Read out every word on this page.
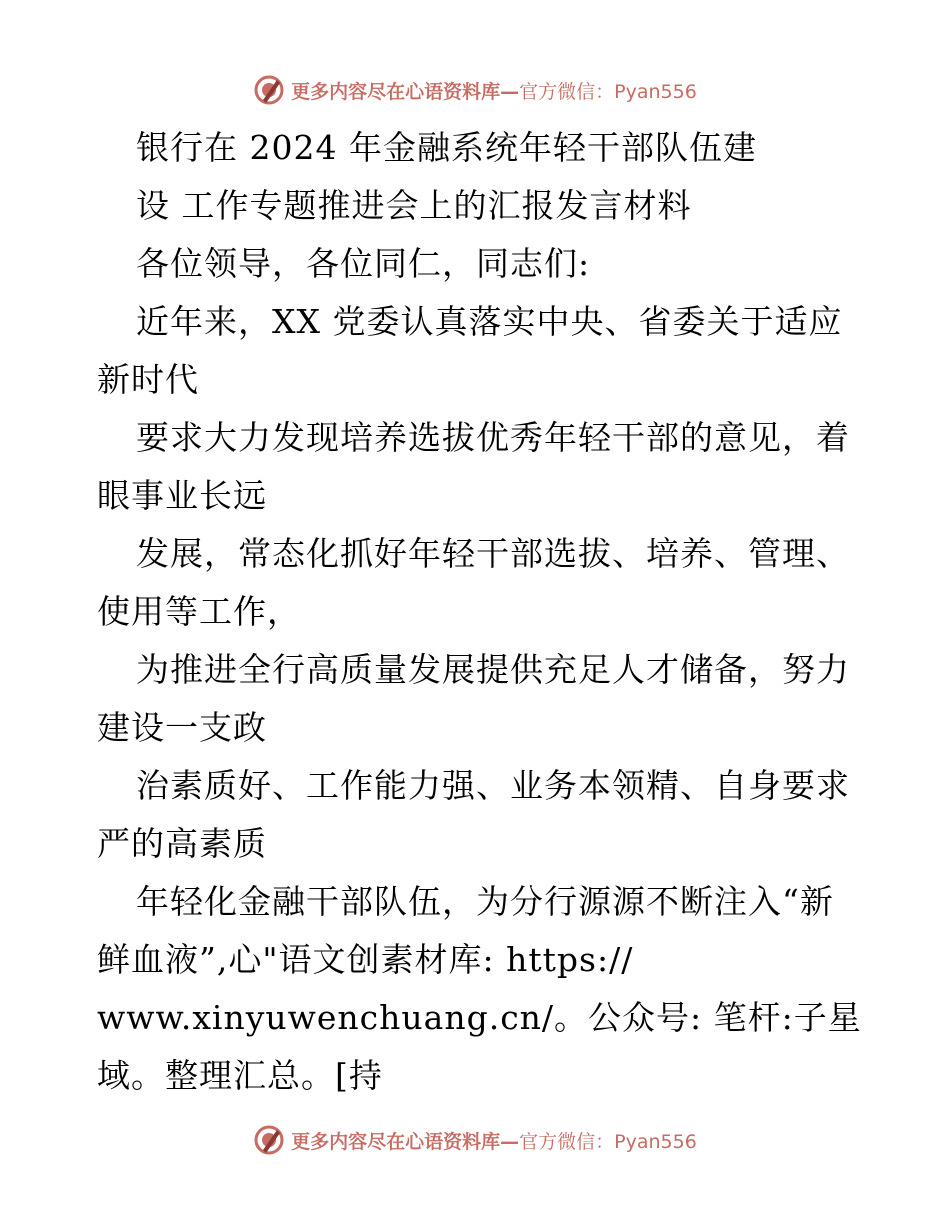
更多内容尽在心语资料库—官方微信：Pyan556
银行在 2024 年金融系统年轻干部队伍建
设 工作专题推进会上的汇报发言材料
各位领导，各位同仁，同志们:
近年来，XX 党委认真落实中央、省委关于适应
新时代
要求大力发现培养选拔优秀年轻干部的意见，着
眼事业长远
发展，常态化抓好年轻干部选拔、培养、管理、
使用等工作，
为推进全行高质量发展提供充足人才储备，努力
建设一支政
治素质好、工作能力强、业务本领精、自身要求
严的高素质
年轻化金融干部队伍，为分行源源不断注入“新
鲜血液”,心"语文创素材库: https://
www.xinyuwenchuang.cn/。公众号: 笔杆:子星
域。整理汇总。[持
更多内容尽在心语资料库—官方微信：Pyan556
